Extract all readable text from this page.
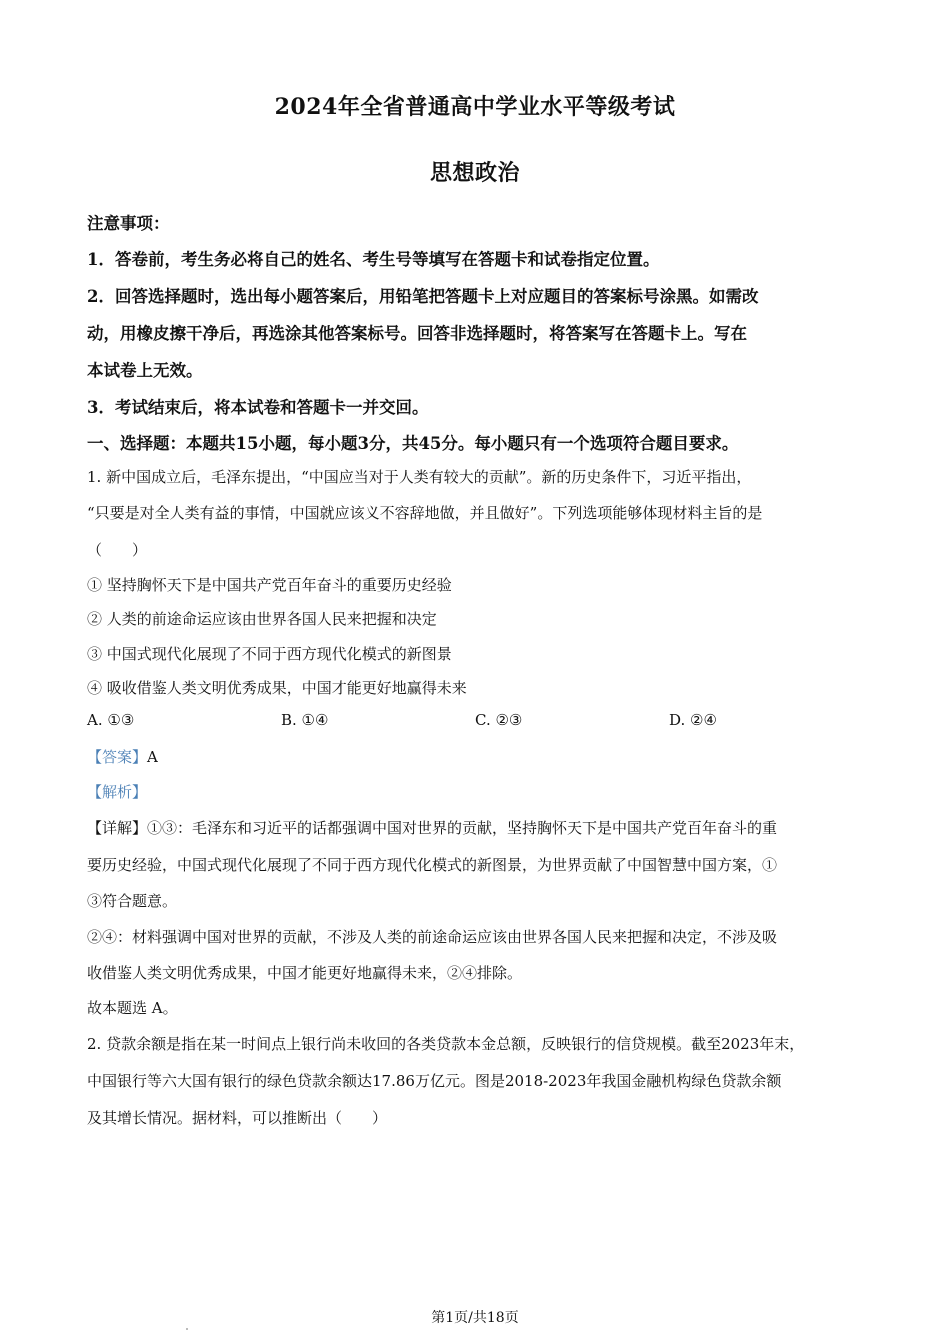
2024年全省普通高中学业水平等级考试
思想政治
注意事项：
1．答卷前，考生务必将自己的姓名、考生号等填写在答题卡和试卷指定位置。
2．回答选择题时，选出每小题答案后，用铅笔把答题卡上对应题目的答案标号涂黑。如需改
动，用橡皮擦干净后，再选涂其他答案标号。回答非选择题时，将答案写在答题卡上。写在
本试卷上无效。
3．考试结束后，将本试卷和答题卡一并交回。
一、选择题：本题共15小题，每小题3分，共45分。每小题只有一个选项符合题目要求。
1. 新中国成立后，毛泽东提出，“中国应当对于人类有较大的贡献”。新的历史条件下，习近平指出，
“只要是对全人类有益的事情，中国就应该义不容辞地做，并且做好”。下列选项能够体现材料主旨的是
（　　）
① 坚持胸怀天下是中国共产党百年奋斗的重要历史经验
② 人类的前途命运应该由世界各国人民来把握和决定
③ 中国式现代化展现了不同于西方现代化模式的新图景
④ 吸收借鉴人类文明优秀成果，中国才能更好地赢得未来
A. ①③	B. ①④	C. ②③	D. ②④
【答案】A
【解析】
【详解】①③：毛泽东和习近平的话都强调中国对世界的贡献，坚持胸怀天下是中国共产党百年奋斗的重
要历史经验，中国式现代化展现了不同于西方现代化模式的新图景，为世界贡献了中国智慧中国方案，①
③符合题意。
②④：材料强调中国对世界的贡献，不涉及人类的前途命运应该由世界各国人民来把握和决定，不涉及吸
收借鉴人类文明优秀成果，中国才能更好地赢得未来，②④排除。
故本题选 A。
2. 贷款余额是指在某一时间点上银行尚未收回的各类贷款本金总额，反映银行的信贷规模。截至2023年末，
中国银行等六大国有银行的绿色贷款余额达17.86万亿元。图是2018-2023年我国金融机构绿色贷款余额
及其增长情况。据材料，可以推断出（　　）
第1页/共18页
